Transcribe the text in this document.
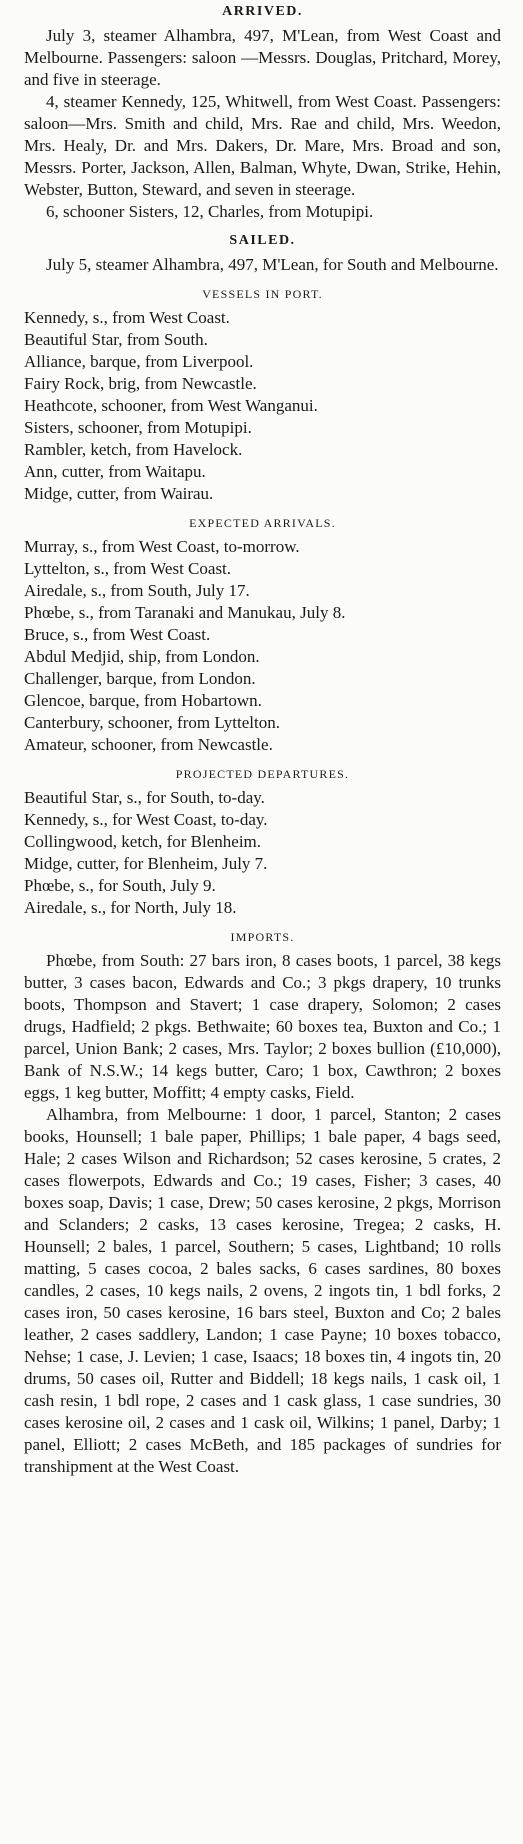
ARRIVED.

July 3, steamer Alhambra, 497, M'Lean, from West Coast and Melbourne. Passengers: saloon —Messrs. Douglas, Pritchard, Morey, and five in steerage.

4, steamer Kennedy, 125, Whitwell, from West Coast. Passengers: saloon—Mrs. Smith and child, Mrs. Rae and child, Mrs. Weedon, Mrs. Healy, Dr. and Mrs. Dakers, Dr. Mare, Mrs. Broad and son, Messrs. Porter, Jackson, Allen, Balman, Whyte, Dwan, Strike, Hehin, Webster, Button, Steward, and seven in steerage.

6, schooner Sisters, 12, Charles, from Motupipi.

SAILED.

July 5, steamer Alhambra, 497, M'Lean, for South and Melbourne.

VESSELS IN PORT.
Kennedy, s., from West Coast.
Beautiful Star, from South.
Alliance, barque, from Liverpool.
Fairy Rock, brig, from Newcastle.
Heathcote, schooner, from West Wanganui.
Sisters, schooner, from Motupipi.
Rambler, ketch, from Havelock.
Ann, cutter, from Waitapu.
Midge, cutter, from Wairau.
EXPECTED ARRIVALS.
Murray, s., from West Coast, to-morrow.
Lyttelton, s., from West Coast.
Airedale, s., from South, July 17.
Phœbe, s., from Taranaki and Manukau, July 8.
Bruce, s., from West Coast.
Abdul Medjid, ship, from London.
Challenger, barque, from London.
Glencoe, barque, from Hobartown.
Canterbury, schooner, from Lyttelton.
Amateur, schooner, from Newcastle.
PROJECTED DEPARTURES.
Beautiful Star, s., for South, to-day.
Kennedy, s., for West Coast, to-day.
Collingwood, ketch, for Blenheim.
Midge, cutter, for Blenheim, July 7.
Phœbe, s., for South, July 9.
Airedale, s., for North, July 18.
IMPORTS.

Phœbe, from South: 27 bars iron, 8 cases boots, 1 parcel, 38 kegs butter, 3 cases bacon, Edwards and Co.; 3 pkgs drapery, 10 trunks boots, Thompson and Stavert; 1 case drapery, Solomon; 2 cases drugs, Hadfield; 2 pkgs. Bethwaite; 60 boxes tea, Buxton and Co.; 1 parcel, Union Bank; 2 cases, Mrs. Taylor; 2 boxes bullion (£10,000), Bank of N.S.W.; 14 kegs butter, Caro; 1 box, Cawthron; 2 boxes eggs, 1 keg butter, Moffitt; 4 empty casks, Field.

Alhambra, from Melbourne: 1 door, 1 parcel, Stanton; 2 cases books, Hounsell; 1 bale paper, Phillips; 1 bale paper, 4 bags seed, Hale; 2 cases Wilson and Richardson; 52 cases kerosine, 5 crates, 2 cases flowerpots, Edwards and Co.; 19 cases, Fisher; 3 cases, 40 boxes soap, Davis; 1 case, Drew; 50 cases kerosine, 2 pkgs, Morrison and Sclanders; 2 casks, 13 cases kerosine, Tregea; 2 casks, H. Hounsell; 2 bales, 1 parcel, Southern; 5 cases, Lightband; 10 rolls matting, 5 cases cocoa, 2 bales sacks, 6 cases sardines, 80 boxes candles, 2 cases, 10 kegs nails, 2 ovens, 2 ingots tin, 1 bdl forks, 2 cases iron, 50 cases kerosine, 16 bars steel, Buxton and Co; 2 bales leather, 2 cases saddlery, Landon; 1 case Payne; 10 boxes tobacco, Nehse; 1 case, J. Levien; 1 case, Isaacs; 18 boxes tin, 4 ingots tin, 20 drums, 50 cases oil, Rutter and Biddell; 18 kegs nails, 1 cask oil, 1 cash resin, 1 bdl rope, 2 cases and 1 cask glass, 1 case sundries, 30 cases kerosine oil, 2 cases and 1 cask oil, Wilkins; 1 panel, Darby; 1 panel, Elliott; 2 cases McBeth, and 185 packages of sundries for transhipment at the West Coast.
